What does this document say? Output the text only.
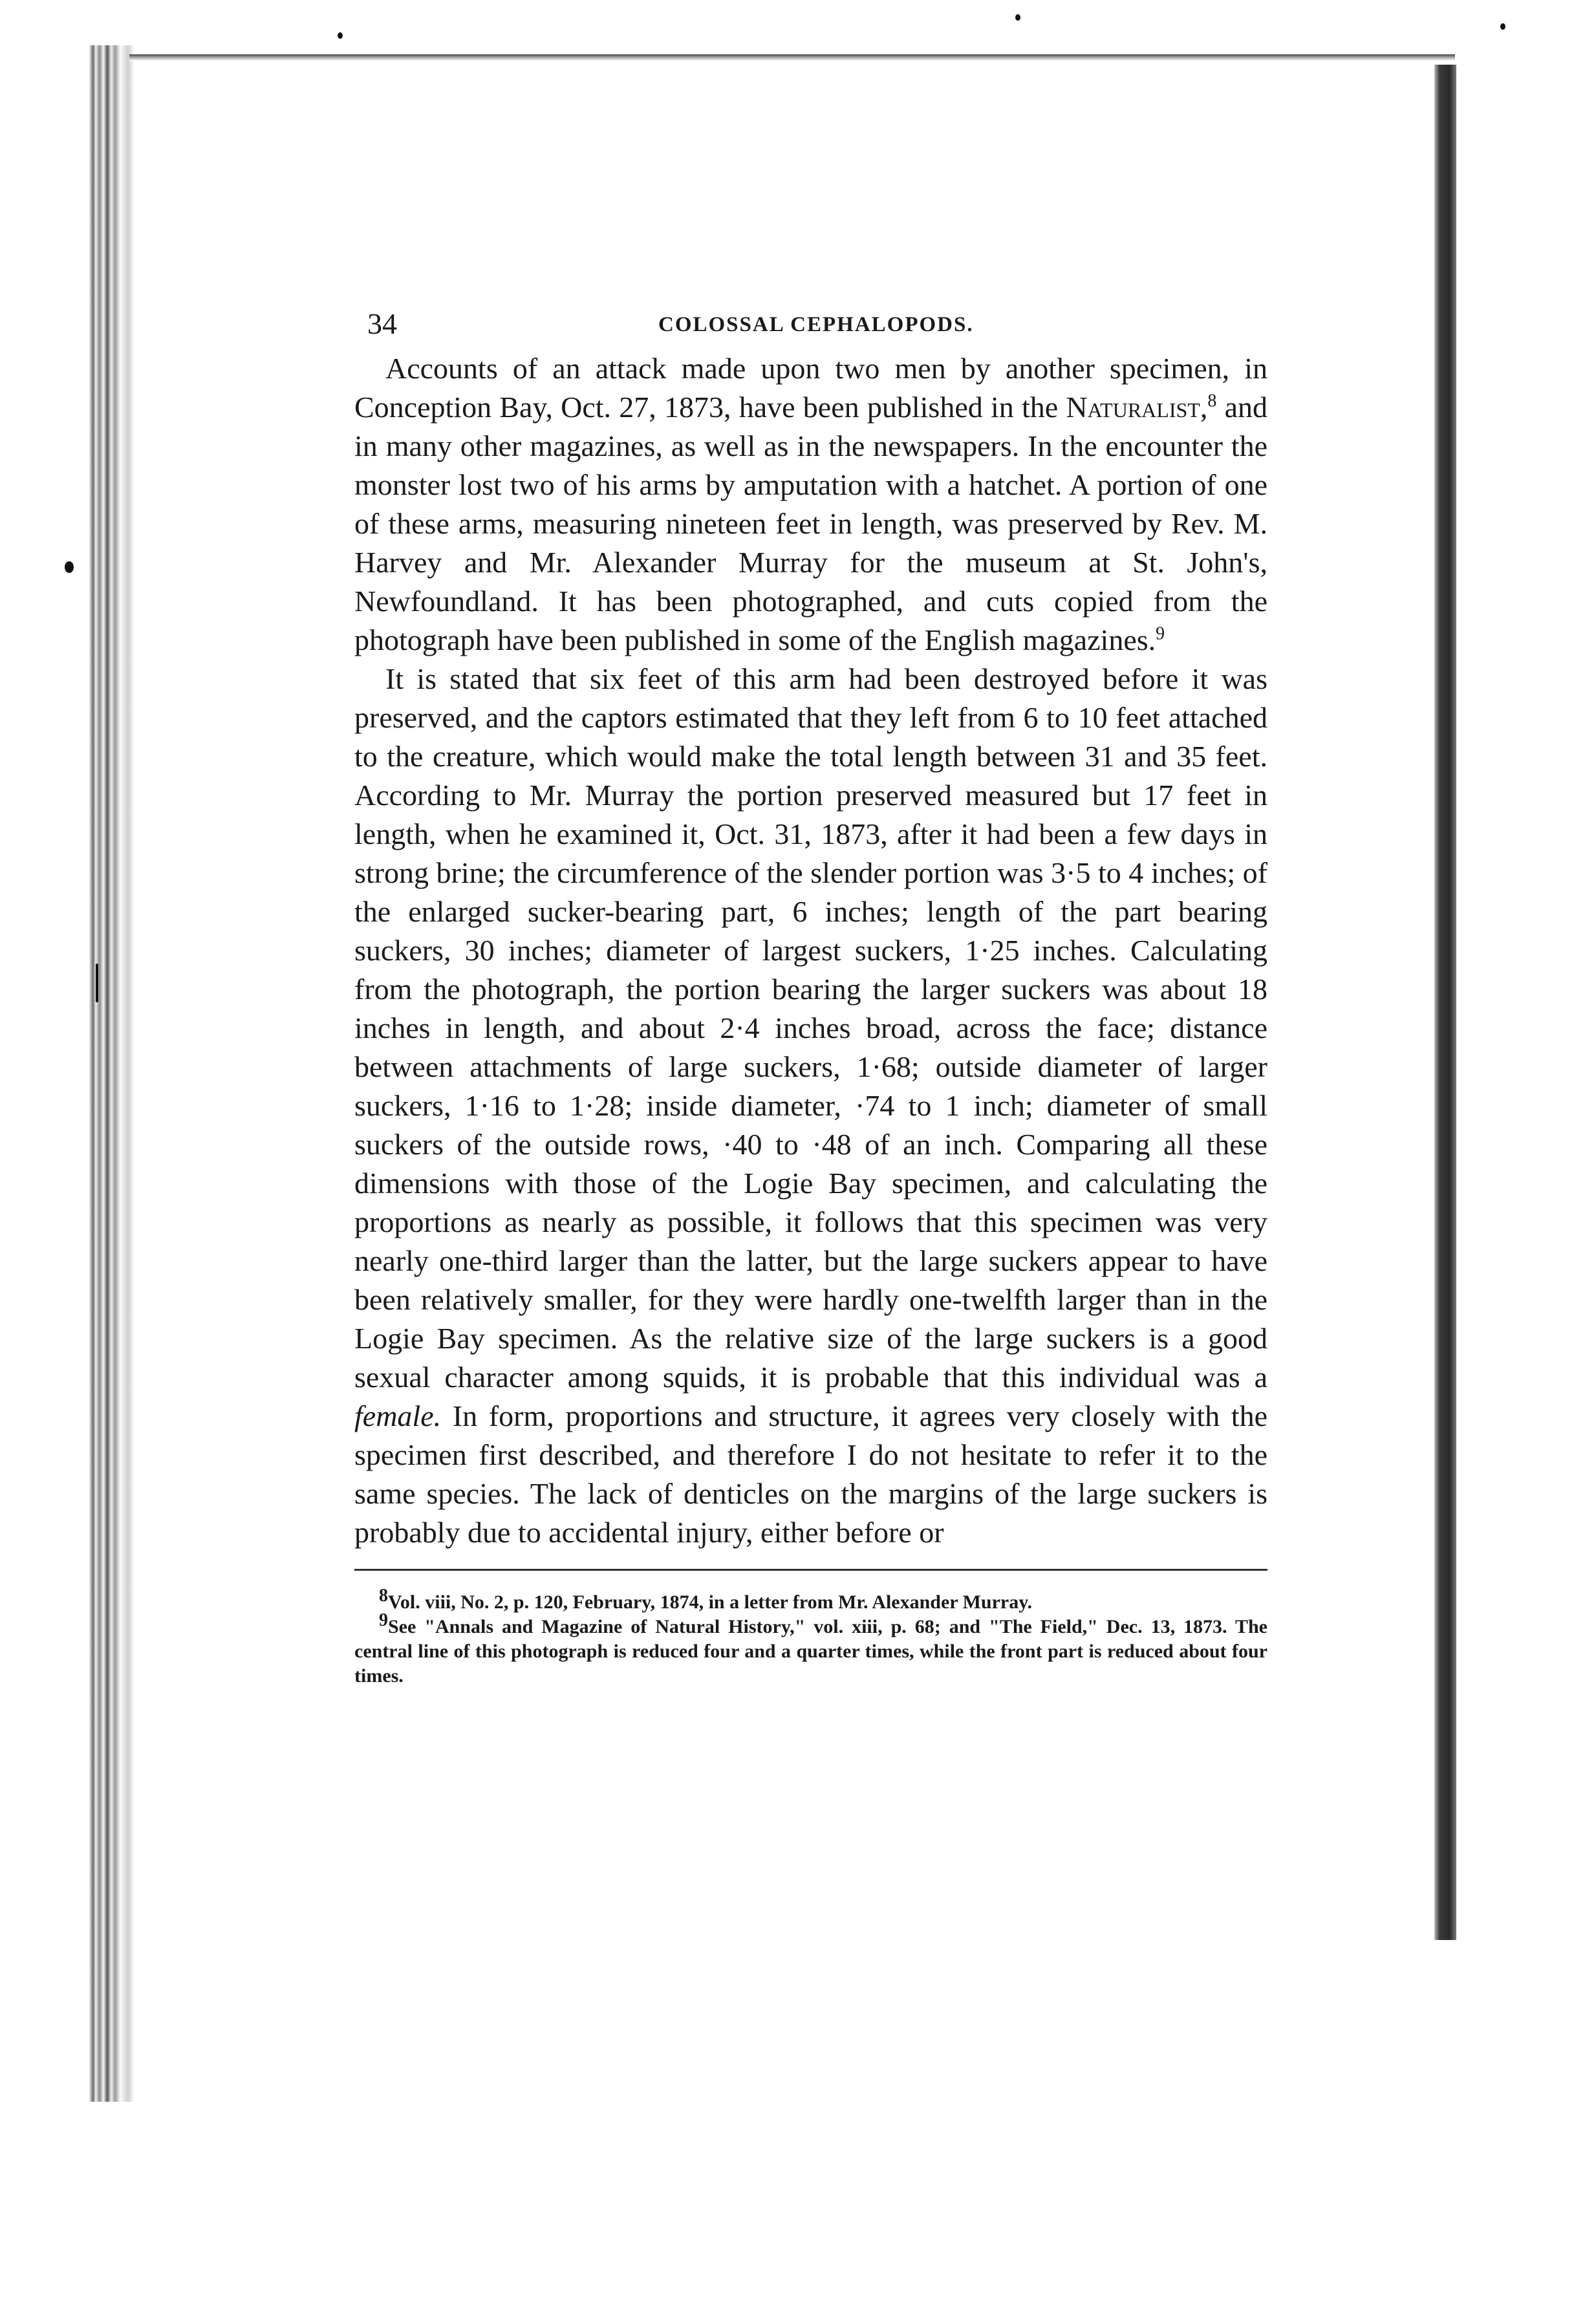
34	COLOSSAL CEPHALOPODS.

Accounts of an attack made upon two men by another specimen, in Conception Bay, Oct. 27, 1873, have been published in the Naturalist,$^8$ and in many other magazines, as well as in the newspapers. In the encounter the monster lost two of his arms by amputation with a hatchet. A portion of one of these arms, measuring nineteen feet in length, was preserved by Rev. M. Harvey and Mr. Alexander Murray for the museum at St. John's, Newfoundland. It has been photographed, and cuts copied from the photograph have been published in some of the English magazines.$^9$

It is stated that six feet of this arm had been destroyed before it was preserved, and the captors estimated that they left from 6 to 10 feet attached to the creature, which would make the total length between 31 and 35 feet. According to Mr. Murray the portion preserved measured but 17 feet in length, when he examined it, Oct. 31, 1873, after it had been a few days in strong brine; the circumference of the slender portion was 3·5 to 4 inches; of the enlarged sucker-bearing part, 6 inches; length of the part bearing suckers, 30 inches; diameter of largest suckers, 1·25 inches. Calculating from the photograph, the portion bearing the larger suckers was about 18 inches in length, and about 2·4 inches broad, across the face; distance between attachments of large suckers, 1·68; outside diameter of larger suckers, 1·16 to 1·28; inside diameter, ·74 to 1 inch; diameter of small suckers of the outside rows, ·40 to ·48 of an inch. Comparing all these dimensions with those of the Logie Bay specimen, and calculating the proportions as nearly as possible, it follows that this specimen was very nearly one-third larger than the latter, but the large suckers appear to have been relatively smaller, for they were hardly one-twelfth larger than in the Logie Bay specimen. As the relative size of the large suckers is a good sexual character among squids, it is probable that this individual was a female. In form, proportions and structure, it agrees very closely with the specimen first described, and therefore I do not hesitate to refer it to the same species. The lack of denticles on the margins of the large suckers is probably due to accidental injury, either before or

$^8$Vol. viii, No. 2, p. 120, February, 1874, in a letter from Mr. Alexander Murray.

$^9$See "Annals and Magazine of Natural History," vol. xiii, p. 68; and "The Field," Dec. 13, 1873. The central line of this photograph is reduced four and a quarter times, while the front part is reduced about four times.
